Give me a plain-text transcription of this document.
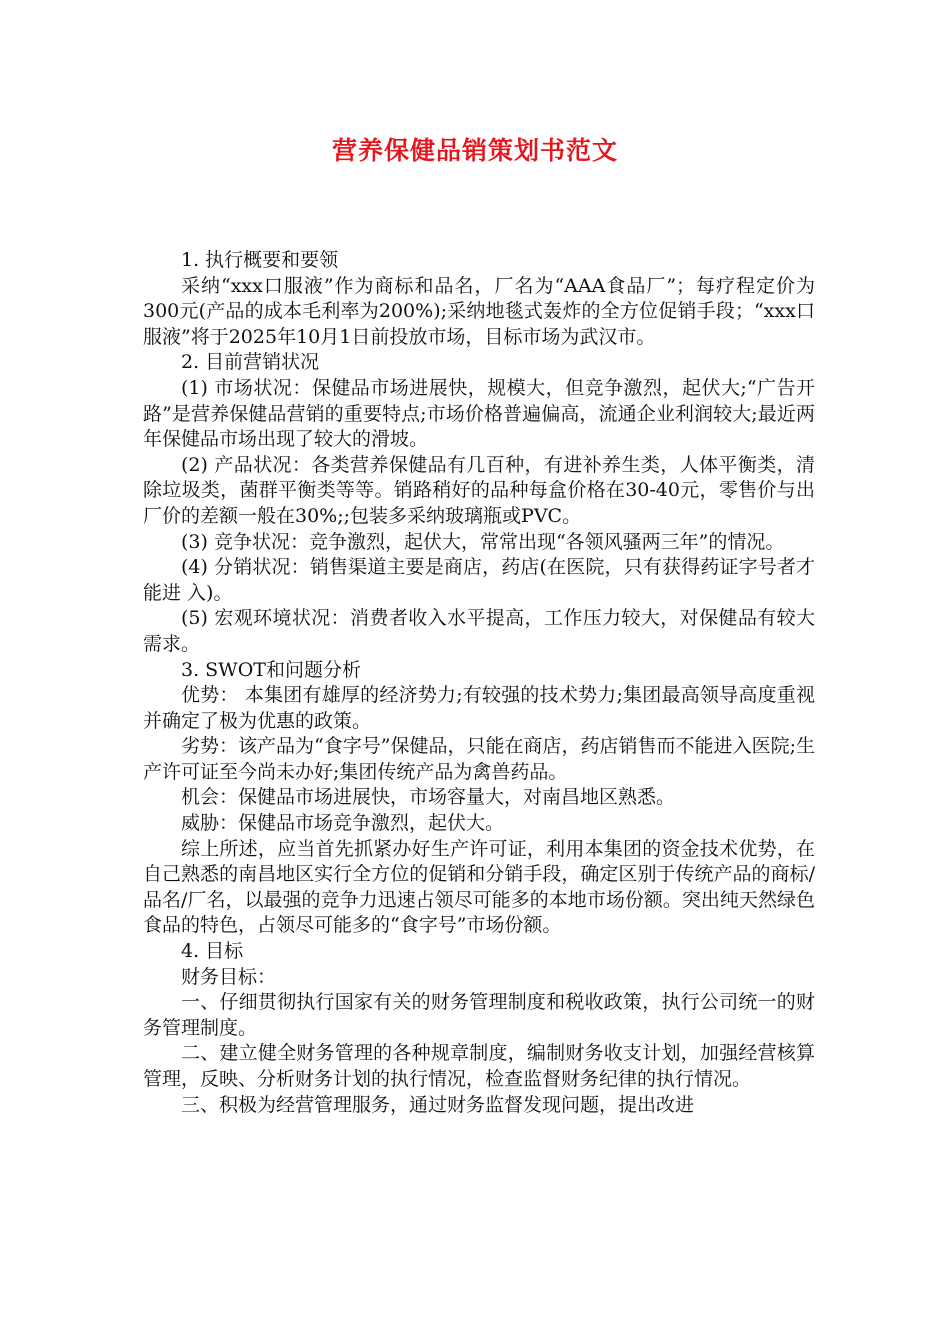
营养保健品销策划书范文

1. 执行概要和要领

采纳“xxx口服液”作为商标和品名，厂名为“AAA食品厂”；每疗程定价为300元(产品的成本毛利率为200%);采纳地毯式轰炸的全方位促销手段；“xxx口服液”将于2025年10月1日前投放市场，目标市场为武汉市。

2. 目前营销状况

(1) 市场状况：保健品市场进展快，规模大，但竞争激烈，起伏大;“广告开路”是营养保健品营销的重要特点;市场价格普遍偏高，流通企业利润较大;最近两年保健品市场出现了较大的滑坡。

(2) 产品状况：各类营养保健品有几百种，有进补养生类，人体平衡类，清除垃圾类，菌群平衡类等等。销路稍好的品种每盒价格在30-40元，零售价与出厂价的差额一般在30%;;包装多采纳玻璃瓶或PVC。

(3) 竞争状况：竞争激烈，起伏大，常常出现“各领风骚两三年”的情况。

(4) 分销状况：销售渠道主要是商店，药店(在医院，只有获得药证字号者才能进 入)。

(5) 宏观环境状况：消费者收入水平提高，工作压力较大，对保健品有较大需求。

3. SWOT和问题分析

优势： 本集团有雄厚的经济势力;有较强的技术势力;集团最高领导高度重视并确定了极为优惠的政策。

劣势：该产品为“食字号”保健品，只能在商店，药店销售而不能进入医院;生产许可证至今尚未办好;集团传统产品为禽兽药品。

机会：保健品市场进展快，市场容量大，对南昌地区熟悉。

威胁：保健品市场竞争激烈，起伏大。

综上所述，应当首先抓紧办好生产许可证，利用本集团的资金技术优势，在自己熟悉的南昌地区实行全方位的促销和分销手段，确定区别于传统产品的商标/品名/厂名，以最强的竞争力迅速占领尽可能多的本地市场份额。突出纯天然绿色食品的特色，占领尽可能多的“食字号”市场份额。

4. 目标

财务目标：

一、仔细贯彻执行国家有关的财务管理制度和税收政策，执行公司统一的财务管理制度。

二、建立健全财务管理的各种规章制度，编制财务收支计划，加强经营核算管理，反映、分析财务计划的执行情况，检查监督财务纪律的执行情况。

三、积极为经营管理服务，通过财务监督发现问题，提出改进
